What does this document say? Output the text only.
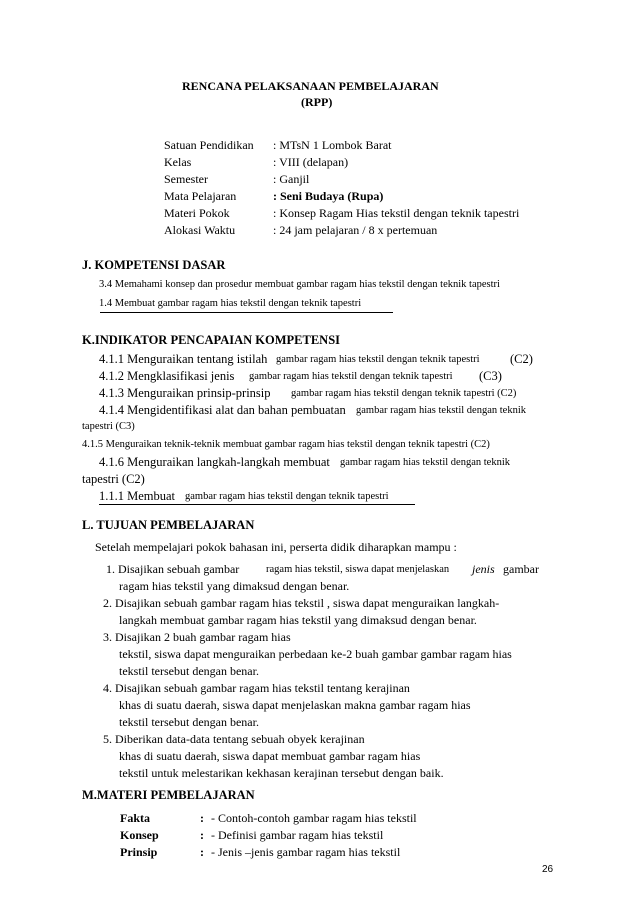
RENCANA PELAKSANAAN PEMBELAJARAN
(RPP)
Satuan Pendidikan : MTsN 1 Lombok Barat
Kelas	: VIII (delapan)
Semester	: Ganjil
Mata Pelajaran	: Seni Budaya (Rupa)
Materi Pokok	: Konsep Ragam Hias tekstil dengan teknik tapestri
Alokasi Waktu	: 24 jam pelajaran / 8 x pertemuan
J. KOMPETENSI DASAR
3.4 Memahami konsep dan prosedur membuat gambar ragam hias tekstil dengan teknik tapestri
1.4 Membuat gambar ragam hias tekstil dengan teknik tapestri
K.INDIKATOR PENCAPAIAN KOMPETENSI
4.1.1 Menguraikan tentang istilah gambar ragam hias tekstil dengan teknik tapestri (C2)
4.1.2 Mengklasifikasi jenis gambar ragam hias tekstil dengan teknik tapestri (C3)
4.1.3 Menguraikan prinsip-prinsip gambar ragam hias tekstil dengan teknik tapestri (C2)
4.1.4 Mengidentifikasi alat dan bahan pembuatan gambar ragam hias tekstil dengan teknik
tapestri (C3)
4.1.5 Menguraikan teknik-teknik membuat gambar ragam hias tekstil dengan teknik tapestri (C2)
4.1.6 Menguraikan langkah-langkah membuat gambar ragam hias tekstil dengan teknik
tapestri (C2)
1.1.1 Membuat gambar ragam hias tekstil dengan teknik tapestri
L. TUJUAN PEMBELAJARAN
Setelah mempelajari pokok bahasan ini, perserta didik diharapkan mampu :
1. Disajikan sebuah gambar	ragam hias tekstil, siswa dapat menjelaskan jenis gambar
ragam hias tekstil yang dimaksud dengan benar.
2. Disajikan sebuah gambar ragam hias tekstil , siswa dapat menguraikan langkah-
langkah membuat gambar ragam hias tekstil yang dimaksud dengan benar.
3. Disajikan 2 buah gambar ragam hias
tekstil, siswa dapat menguraikan perbedaan ke-2 buah gambar gambar ragam hias
tekstil tersebut dengan benar.
4. Disajikan sebuah gambar ragam hias tekstil tentang kerajinan
khas di suatu daerah, siswa dapat menjelaskan makna gambar ragam hias
tekstil tersebut dengan benar.
5. Diberikan data-data tentang sebuah obyek kerajinan
khas di suatu daerah, siswa dapat membuat gambar ragam hias
tekstil untuk melestarikan kekhasan kerajinan tersebut dengan baik.
M.MATERI PEMBELAJARAN
Fakta	: - Contoh-contoh gambar ragam hias tekstil
Konsep	: - Definisi gambar ragam hias tekstil
Prinsip	: - Jenis –jenis gambar ragam hias tekstil
26
